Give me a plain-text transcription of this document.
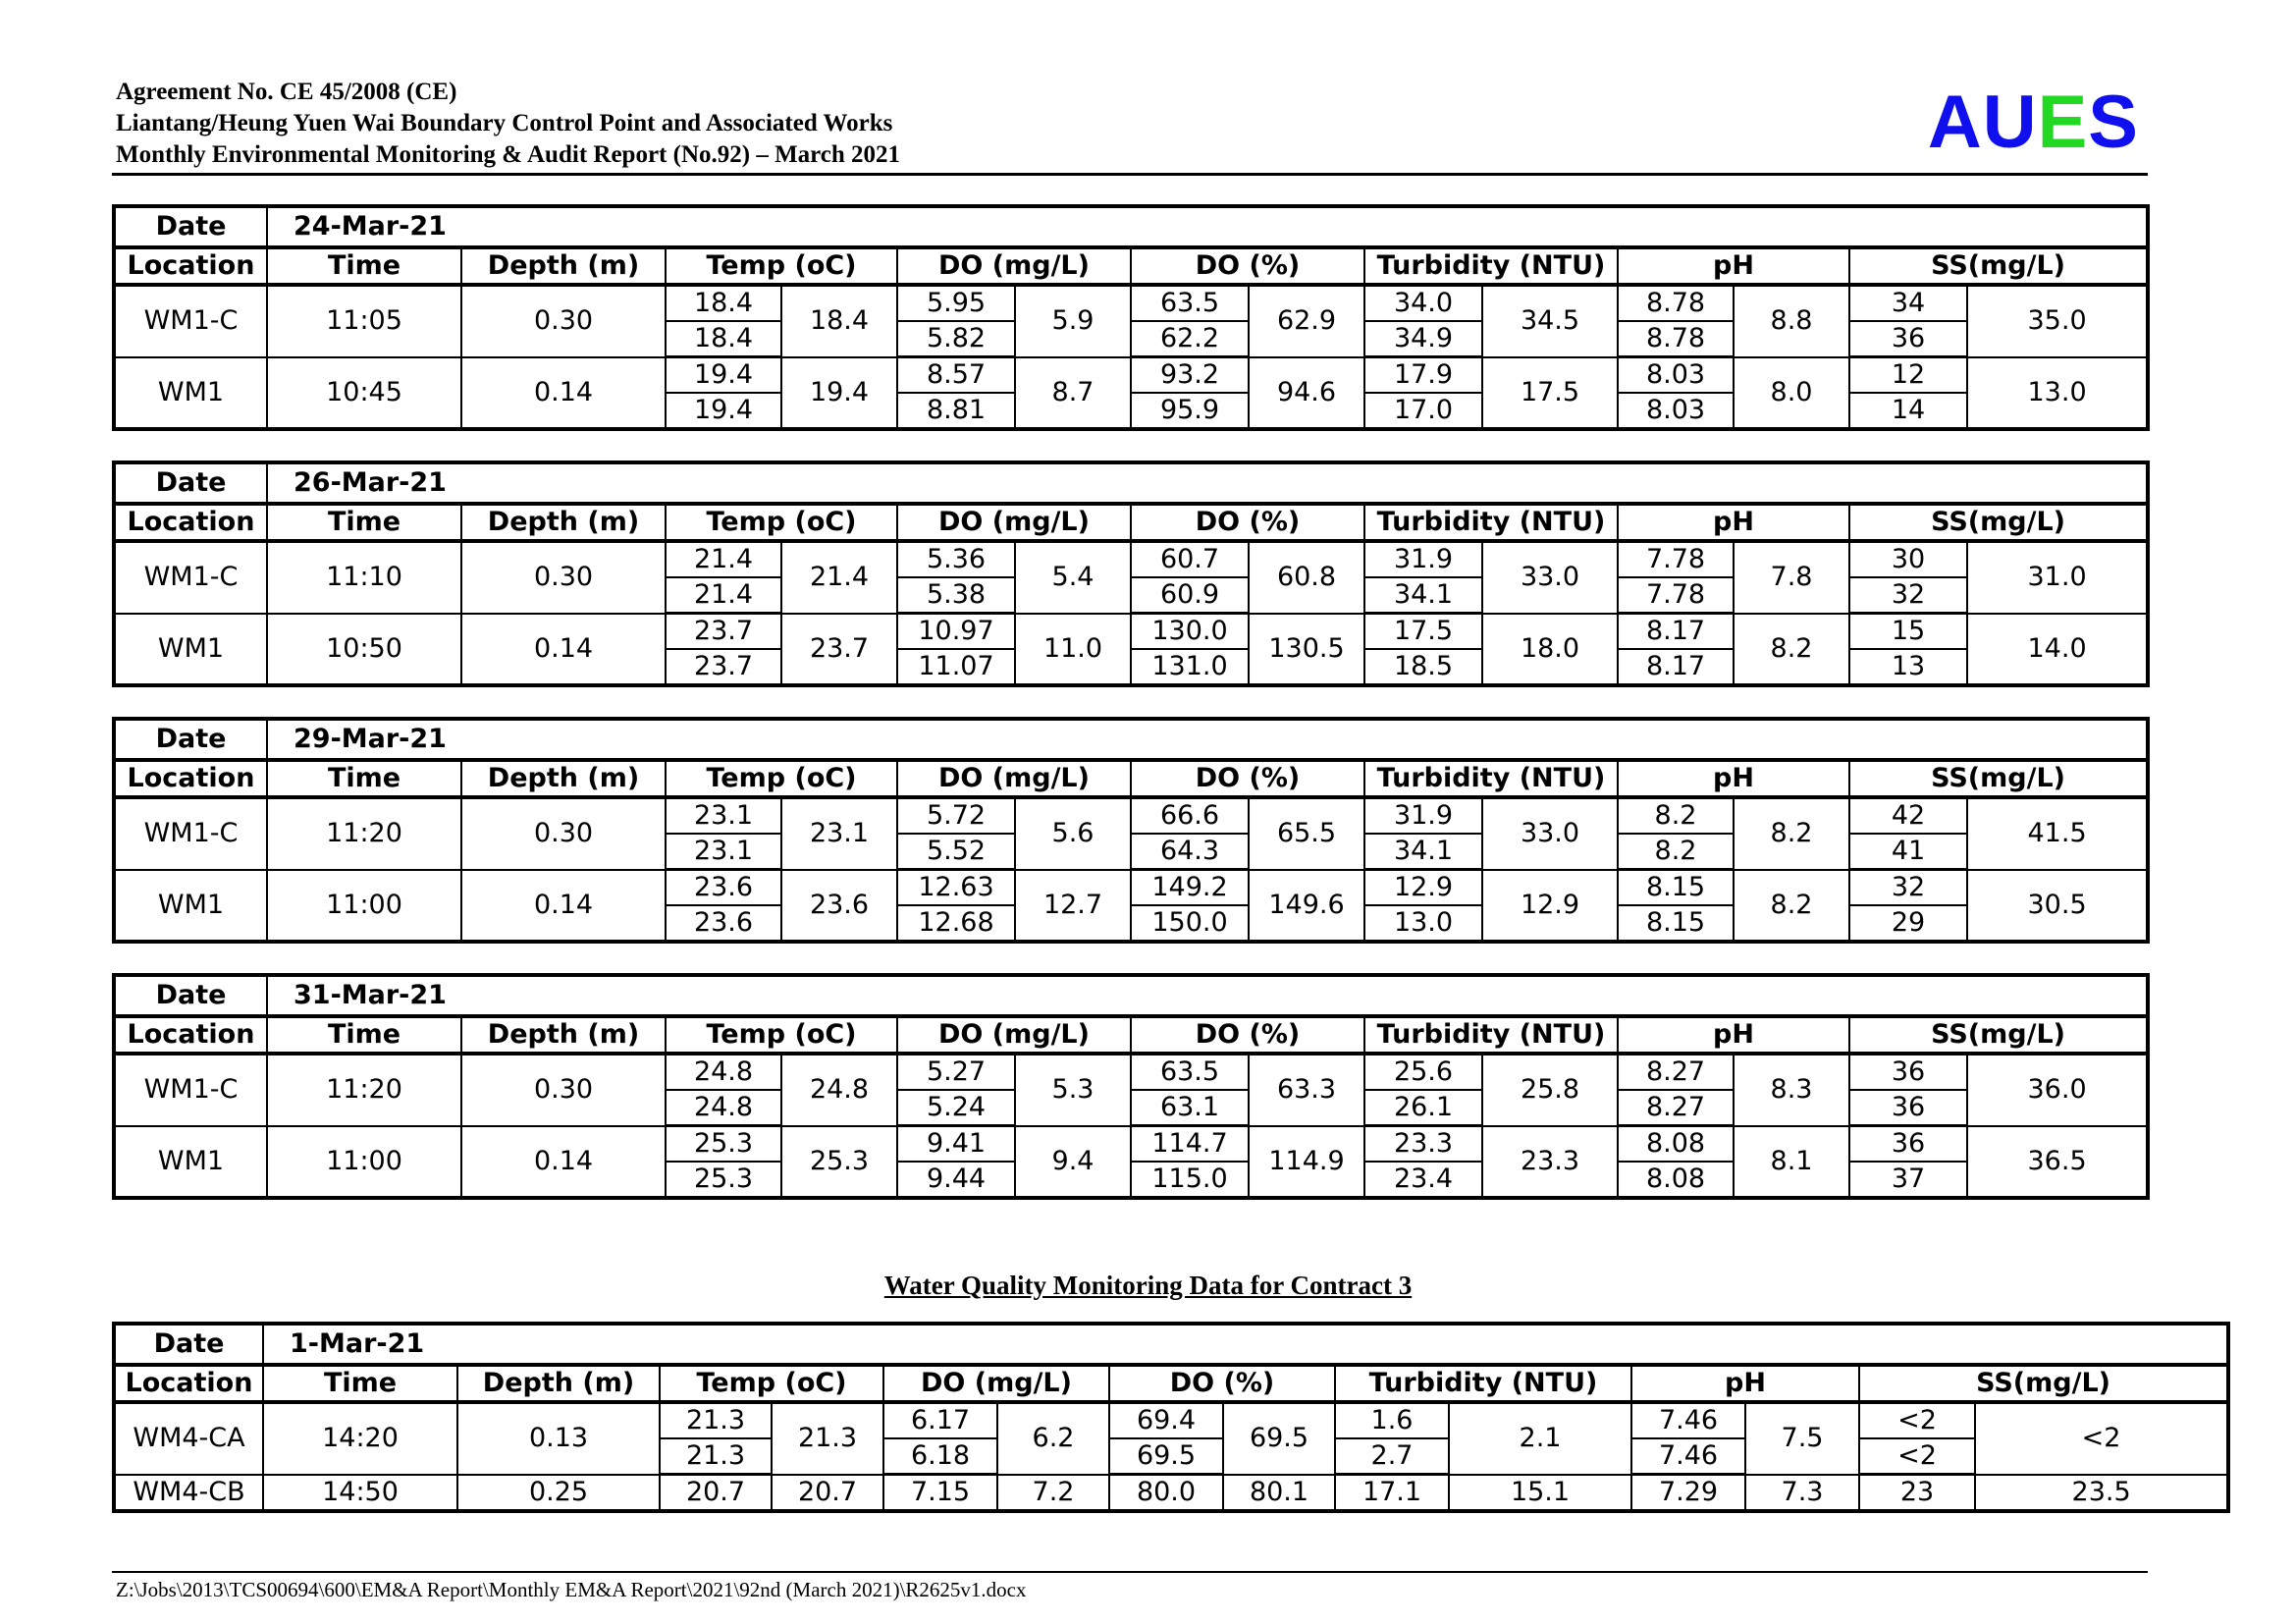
Agreement No. CE 45/2008 (CE)
Liantang/Heung Yuen Wai Boundary Control Point and Associated Works
Monthly Environmental Monitoring & Audit Report (No.92) – March 2021	AUES
Date	24-Mar-21													
Location	Time	Depth (m)	Temp (oC)		DO (mg/L)		DO (%)		Turbidity (NTU)		pH		SS(mg/L)	
WM1-C	11:05	0.30	18.4	18.4	5.95	5.9	63.5	62.9	34.0	34.5	8.78	8.8	34	35.0
			18.4		5.82		62.2		34.9		8.78		36	
WM1	10:45	0.14	19.4	19.4	8.57	8.7	93.2	94.6	17.9	17.5	8.03	8.0	12	13.0
			19.4		8.81		95.9		17.0		8.03		14	
Date	26-Mar-21													
Location	Time	Depth (m)	Temp (oC)		DO (mg/L)		DO (%)		Turbidity (NTU)		pH		SS(mg/L)	
WM1-C	11:10	0.30	21.4	21.4	5.36	5.4	60.7	60.8	31.9	33.0	7.78	7.8	30	31.0
			21.4		5.38		60.9		34.1		7.78		32	
WM1	10:50	0.14	23.7	23.7	10.97	11.0	130.0	130.5	17.5	18.0	8.17	8.2	15	14.0
			23.7		11.07		131.0		18.5		8.17		13	
Date	29-Mar-21													
Location	Time	Depth (m)	Temp (oC)		DO (mg/L)		DO (%)		Turbidity (NTU)		pH		SS(mg/L)	
WM1-C	11:20	0.30	23.1	23.1	5.72	5.6	66.6	65.5	31.9	33.0	8.2	8.2	42	41.5
			23.1		5.52		64.3		34.1		8.2		41	
WM1	11:00	0.14	23.6	23.6	12.63	12.7	149.2	149.6	12.9	12.9	8.15	8.2	32	30.5
			23.6		12.68		150.0		13.0		8.15		29	
Date	31-Mar-21													
Location	Time	Depth (m)	Temp (oC)		DO (mg/L)		DO (%)		Turbidity (NTU)		pH		SS(mg/L)	
WM1-C	11:20	0.30	24.8	24.8	5.27	5.3	63.5	63.3	25.6	25.8	8.27	8.3	36	36.0
			24.8		5.24		63.1		26.1		8.27		36	
WM1	11:00	0.14	25.3	25.3	9.41	9.4	114.7	114.9	23.3	23.3	8.08	8.1	36	36.5
			25.3		9.44		115.0		23.4		8.08		37	
Date	1-Mar-21													
Location	Time	Depth (m)	Temp (oC)		DO (mg/L)		DO (%)		Turbidity (NTU)		pH		SS(mg/L)	
WM4-CA	14:20	0.13	21.3	21.3	6.17	6.2	69.4	69.5	1.6	2.1	7.46	7.5	<2	<2
			21.3		6.18		69.5		2.7		7.46		<2	
WM4-CB	14:50	0.25	20.7	20.7	7.15	7.2	80.0	80.1	17.1	15.1	7.29	7.3	23	23.5
Water Quality Monitoring Data for Contract 3
Z:\Jobs\2013\TCS00694\600\EM&A Report\Monthly EM&A Report\2021\92nd (March 2021)\R2625v1.docx
